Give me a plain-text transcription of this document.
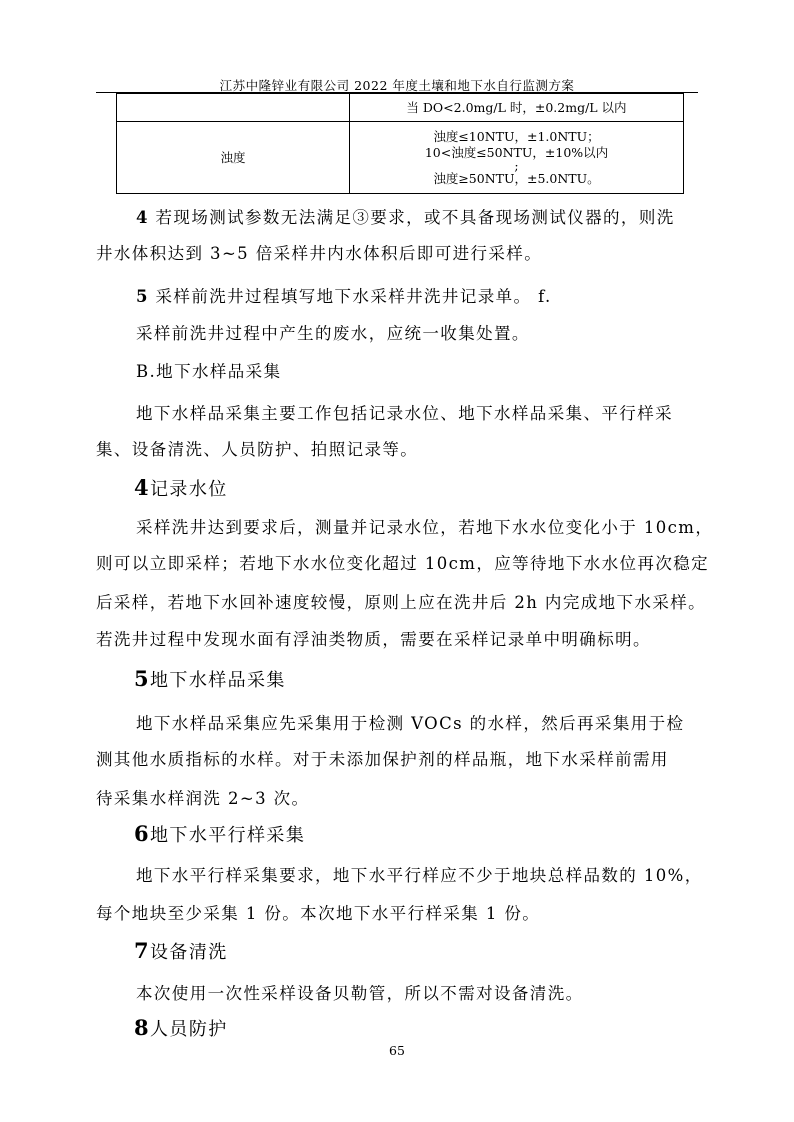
江苏中隆锌业有限公司 2022 年度土壤和地下水自行监测方案
	当 DO<2.0mg/L 时，±0.2mg/L 以内
浊度	浊度≤10NTU，±1.0NTU；
10<浊度≤50NTU，±10%以内
;
浊度≥50NTU，±5.0NTU。
4 若现场测试参数无法满足③要求，或不具备现场测试仪器的，则洗
井水体积达到 3~5 倍采样井内水体积后即可进行采样。
5 采样前洗井过程填写地下水采样井洗井记录单。 f.
采样前洗井过程中产生的废水，应统一收集处置。
B.地下水样品采集
地下水样品采集主要工作包括记录水位、地下水样品采集、平行样采
集、设备清洗、人员防护、拍照记录等。
4记录水位
采样洗井达到要求后，测量并记录水位，若地下水水位变化小于 10cm，
则可以立即采样；若地下水水位变化超过 10cm，应等待地下水水位再次稳定
后采样，若地下水回补速度较慢，原则上应在洗井后 2h 内完成地下水采样。
若洗井过程中发现水面有浮油类物质，需要在采样记录单中明确标明。
5地下水样品采集
地下水样品采集应先采集用于检测 VOCs 的水样，然后再采集用于检
测其他水质指标的水样。对于未添加保护剂的样品瓶，地下水采样前需用
待采集水样润洗 2~3 次。
6地下水平行样采集
地下水平行样采集要求，地下水平行样应不少于地块总样品数的 10%，
每个地块至少采集 1 份。本次地下水平行样采集 1 份。
7设备清洗
本次使用一次性采样设备贝勒管，所以不需对设备清洗。
8人员防护
65
